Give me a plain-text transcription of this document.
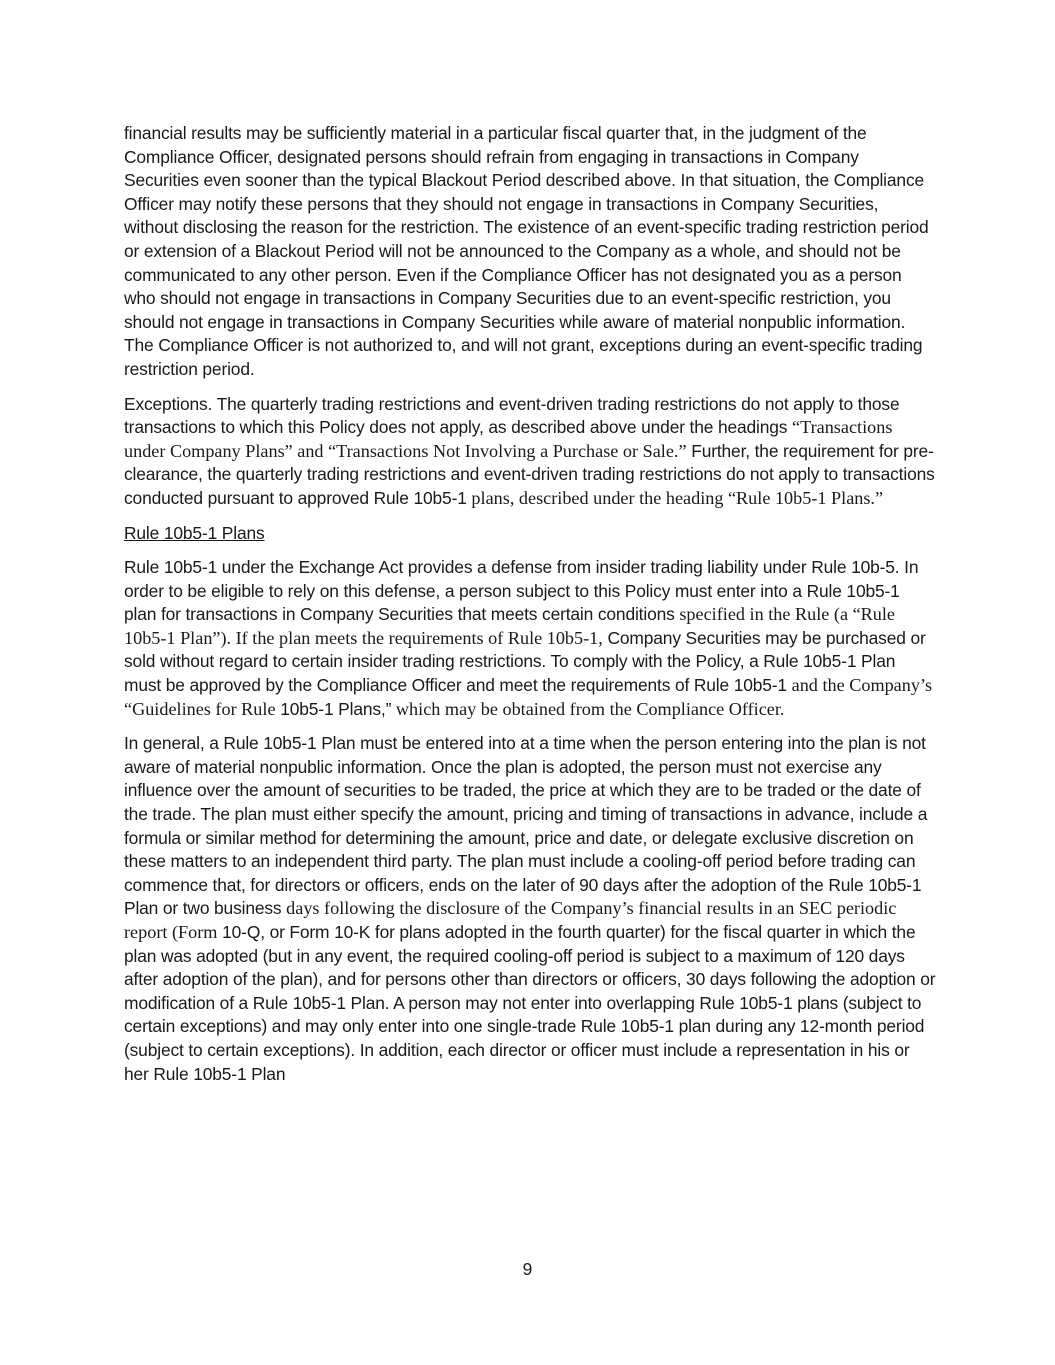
financial results may be sufficiently material in a particular fiscal quarter that, in the judgment of the Compliance Officer, designated persons should refrain from engaging in transactions in Company Securities even sooner than the typical Blackout Period described above. In that situation, the Compliance Officer may notify these persons that they should not engage in transactions in Company Securities, without disclosing the reason for the restriction. The existence of an event-specific trading restriction period or extension of a Blackout Period will not be announced to the Company as a whole, and should not be communicated to any other person. Even if the Compliance Officer has not designated you as a person who should not engage in transactions in Company Securities due to an event-specific restriction, you should not engage in transactions in Company Securities while aware of material nonpublic information. The Compliance Officer is not authorized to, and will not grant, exceptions during an event-specific trading restriction period.

Exceptions. The quarterly trading restrictions and event-driven trading restrictions do not apply to those transactions to which this Policy does not apply, as described above under the headings “Transactions under Company Plans” and “Transactions Not Involving a Purchase or Sale.” Further, the requirement for pre-clearance, the quarterly trading restrictions and event-driven trading restrictions do not apply to transactions conducted pursuant to approved Rule 10b5-1 plans, described under the heading “Rule 10b5-1 Plans.”

Rule 10b5-1 Plans

Rule 10b5-1 under the Exchange Act provides a defense from insider trading liability under Rule 10b-5. In order to be eligible to rely on this defense, a person subject to this Policy must enter into a Rule 10b5-1 plan for transactions in Company Securities that meets certain conditions specified in the Rule (a “Rule 10b5-1 Plan”). If the plan meets the requirements of Rule 10b5-1, Company Securities may be purchased or sold without regard to certain insider trading restrictions. To comply with the Policy, a Rule 10b5-1 Plan must be approved by the Compliance Officer and meet the requirements of Rule 10b5-1 and the Company’s “Guidelines for Rule 10b5-1 Plans,” which may be obtained from the Compliance Officer.

In general, a Rule 10b5-1 Plan must be entered into at a time when the person entering into the plan is not aware of material nonpublic information. Once the plan is adopted, the person must not exercise any influence over the amount of securities to be traded, the price at which they are to be traded or the date of the trade. The plan must either specify the amount, pricing and timing of transactions in advance, include a formula or similar method for determining the amount, price and date, or delegate exclusive discretion on these matters to an independent third party. The plan must include a cooling-off period before trading can commence that, for directors or officers, ends on the later of 90 days after the adoption of the Rule 10b5-1 Plan or two business days following the disclosure of the Company’s financial results in an SEC periodic report (Form 10-Q, or Form 10-K for plans adopted in the fourth quarter) for the fiscal quarter in which the plan was adopted (but in any event, the required cooling-off period is subject to a maximum of 120 days after adoption of the plan), and for persons other than directors or officers, 30 days following the adoption or modification of a Rule 10b5-1 Plan. A person may not enter into overlapping Rule 10b5-1 plans (subject to certain exceptions) and may only enter into one single-trade Rule 10b5-1 plan during any 12-month period (subject to certain exceptions). In addition, each director or officer must include a representation in his or her Rule 10b5-1 Plan

9
